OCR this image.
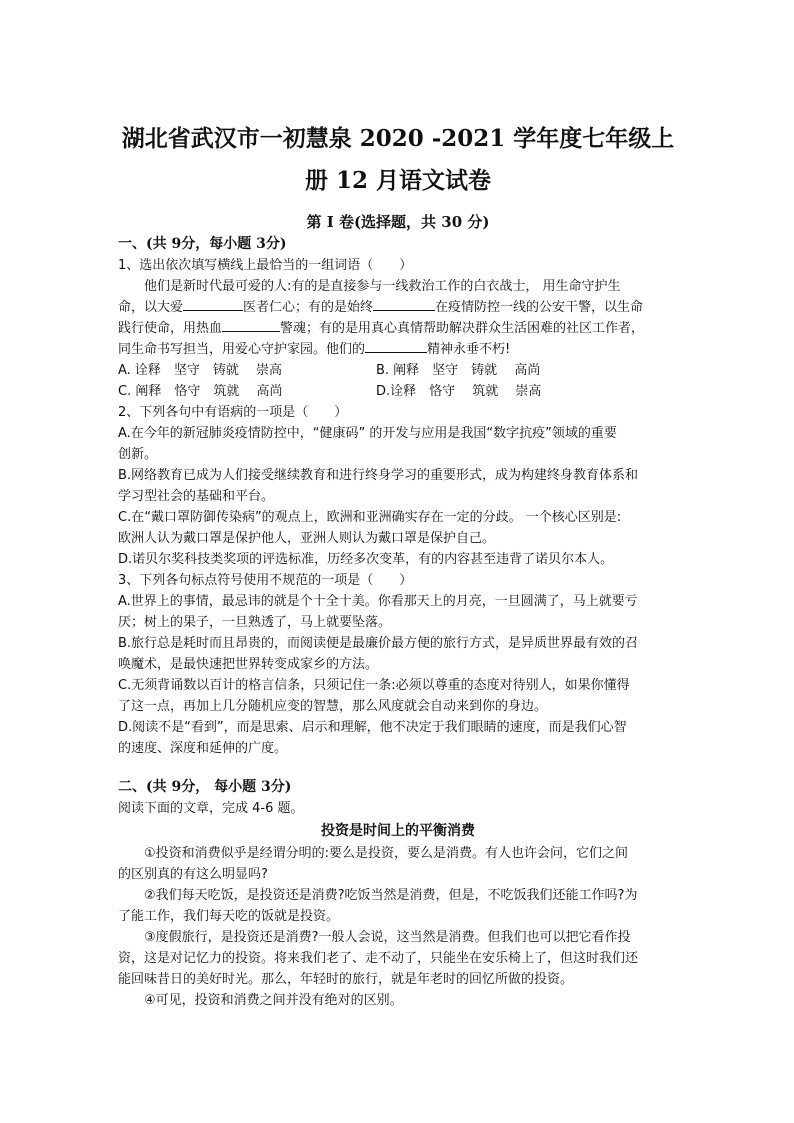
湖北省武汉市一初慧泉 2020 -2021 学年度七年级上
册 12 月语文试卷
第 I 卷(选择题，共 30 分)
一、(共 9分，每小题 3分)
1、选出依次填写横线上最恰当的一组词语（　　）
他们是新时代最可爱的人:有的是直接参与一线救治工作的白衣战士， 用生命守护生
命，以大爱	医者仁心；有的是始终	在疫情防控一线的公安干警，以生命
践行使命，用热血	警魂；有的是用真心真情帮助解决群众生活困难的社区工作者，
同生命书写担当，用爱心守护家园。他们的	精神永垂不朽!
A. 诠释　坚守　铸就　 崇高	B. 阐释　坚守　铸就　 高尚
C. 阐释　恪守　筑就　 高尚	D.诠释　恪守　 筑就　 崇高
2、下列各句中有语病的一项是（　　）
A.在今年的新冠肺炎疫情防控中，“健康码” 的开发与应用是我国“数字抗疫”领域的重要
创新。
B.网络教育已成为人们接受继续教育和进行终身学习的重要形式，成为构建终身教育体系和
学习型社会的基础和平台。
C.在“戴口罩防御传染病”的观点上，欧洲和亚洲确实存在一定的分歧。 一个核心区别是:
欧洲人认为戴口罩是保护他人，亚洲人则认为戴口罩是保护自己。
D.诺贝尔奖科技类奖项的评选标准，历经多次变革，有的内容甚至违背了诺贝尔本人。
3、下列各句标点符号使用不规范的一项是（　　）
A.世界上的事情，最忌讳的就是个十全十美。你看那天上的月亮，一旦圆满了，马上就要亏
厌；树上的果子，一旦熟透了，马上就要坠落。
B.旅行总是耗时而且昂贵的，而阅读便是最廉价最方便的旅行方式，是异质世界最有效的召
唤魔术，是最快速把世界转变成家乡的方法。
C.无须背诵数以百计的格言信条，只须记住一条:必须以尊重的态度对待别人，如果你懂得
了这一点，再加上几分随机应变的智慧，那么风度就会自动来到你的身边。
D.阅读不是“看到”，而是思索、启示和理解，他不决定于我们眼睛的速度，而是我们心智
的速度、深度和延伸的广度。
二、(共 9分， 每小题 3分)
阅读下面的文章，完成 4-6 题。
投资是时间上的平衡消费
①投资和消费似乎是经谓分明的:要么是投资，要么是消费。有人也许会问，它们之间
的区别真的有这么明显吗?
②我们每天吃饭，是投资还是消费?吃饭当然是消费，但是，不吃饭我们还能工作吗?为
了能工作，我们每天吃的饭就是投资。
③度假旅行，是投资还是消费?一般人会说，这当然是消费。但我们也可以把它看作投
资，这是对记忆力的投资。将来我们老了、走不动了，只能坐在安乐椅上了，但这时我们还
能回味昔日的美好时光。那么，年轻时的旅行，就是年老时的回忆所做的投资。
④可见，投资和消费之间并没有绝对的区别。
